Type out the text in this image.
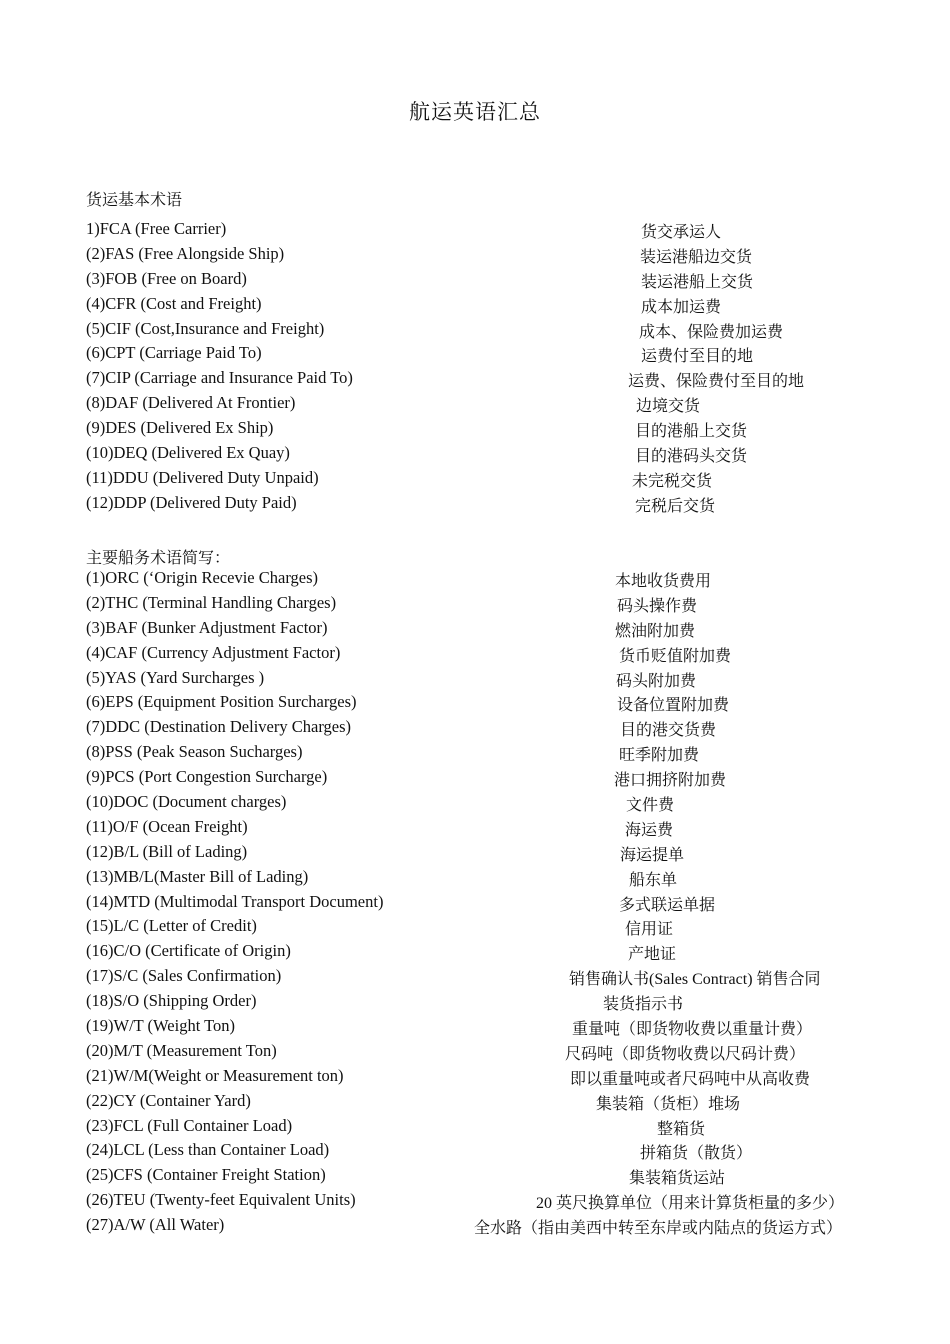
航运英语汇总
货运基本术语
1)FCA (Free Carrier)	货交承运人
(2)FAS (Free Alongside Ship)	装运港船边交货
(3)FOB (Free on Board)	装运港船上交货
(4)CFR (Cost and Freight)	成本加运费
(5)CIF (Cost,Insurance and Freight)	成本、保险费加运费
(6)CPT (Carriage Paid To)	运费付至目的地
(7)CIP (Carriage and Insurance Paid To)	运费、保险费付至目的地
(8)DAF (Delivered At Frontier)	边境交货
(9)DES (Delivered Ex Ship)	目的港船上交货
(10)DEQ (Delivered Ex Quay)	目的港码头交货
(11)DDU (Delivered Duty Unpaid)	未完税交货
(12)DDP (Delivered Duty Paid)	完税后交货
主要船务术语简写：
(1)ORC (‘Origin Recevie Charges)	本地收货费用
(2)THC (Terminal Handling Charges)	码头操作费
(3)BAF (Bunker Adjustment Factor)	燃油附加费
(4)CAF (Currency Adjustment Factor)	货币贬值附加费
(5)YAS (Yard Surcharges )	码头附加费
(6)EPS (Equipment Position Surcharges)	设备位置附加费
(7)DDC (Destination Delivery Charges)	目的港交货费
(8)PSS (Peak Season Sucharges)	旺季附加费
(9)PCS (Port Congestion Surcharge)	港口拥挤附加费
(10)DOC (Document charges)	文件费
(11)O/F (Ocean Freight)	海运费
(12)B/L (Bill of Lading)	海运提单
(13)MB/L(Master Bill of Lading)	船东单
(14)MTD (Multimodal Transport Document)	多式联运单据
(15)L/C (Letter of Credit)	信用证
(16)C/O (Certificate of Origin)	产地证
(17)S/C (Sales Confirmation)	销售确认书(Sales Contract) 销售合同
(18)S/O (Shipping Order)	装货指示书
(19)W/T (Weight Ton)	重量吨（即货物收费以重量计费）
(20)M/T (Measurement Ton)	尺码吨（即货物收费以尺码计费）
(21)W/M(Weight or Measurement ton)	即以重量吨或者尺码吨中从高收费
(22)CY (Container Yard)	集装箱（货柜）堆场
(23)FCL (Full Container Load)	整箱货
(24)LCL (Less than Container Load)	拼箱货（散货）
(25)CFS (Container Freight Station)	集装箱货运站
(26)TEU (Twenty-feet Equivalent Units)	20 英尺换算单位（用来计算货柜量的多少）
(27)A/W (All Water)	全水路（指由美西中转至东岸或内陆点的货运方式）
